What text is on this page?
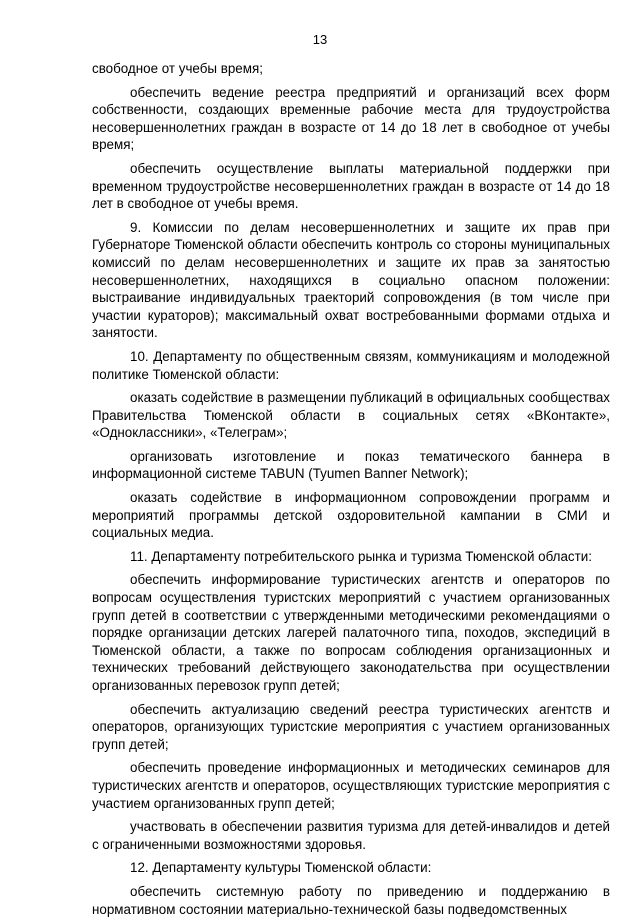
13

свободное от учебы время;

обеспечить ведение реестра предприятий и организаций всех форм собственности, создающих временные рабочие места для трудоустройства несовершеннолетних граждан в возрасте от 14 до 18 лет в свободное от учебы время;

обеспечить осуществление выплаты материальной поддержки при временном трудоустройстве несовершеннолетних граждан в возрасте от 14 до 18 лет в свободное от учебы время.

9. Комиссии по делам несовершеннолетних и защите их прав при Губернаторе Тюменской области обеспечить контроль со стороны муниципальных комиссий по делам несовершеннолетних и защите их прав за занятостью несовершеннолетних, находящихся в социально опасном положении: выстраивание индивидуальных траекторий сопровождения (в том числе при участии кураторов); максимальный охват востребованными формами отдыха и занятости.

10. Департаменту по общественным связям, коммуникациям и молодежной политике Тюменской области:

оказать содействие в размещении публикаций в официальных сообществах Правительства Тюменской области в социальных сетях «ВКонтакте», «Одноклассники», «Телеграм»;

организовать изготовление и показ тематического баннера в информационной системе TABUN (Tyumen Banner Network);

оказать содействие в информационном сопровождении программ и мероприятий программы детской оздоровительной кампании в СМИ и социальных медиа.

11. Департаменту потребительского рынка и туризма Тюменской области:

обеспечить информирование туристических агентств и операторов по вопросам осуществления туристских мероприятий с участием организованных групп детей в соответствии с утвержденными методическими рекомендациями о порядке организации детских лагерей палаточного типа, походов, экспедиций в Тюменской области, а также по вопросам соблюдения организационных и технических требований действующего законодательства при осуществлении организованных перевозок групп детей;

обеспечить актуализацию сведений реестра туристических агентств и операторов, организующих туристские мероприятия с участием организованных групп детей;

обеспечить проведение информационных и методических семинаров для туристических агентств и операторов, осуществляющих туристские мероприятия с участием организованных групп детей;

участвовать в обеспечении развития туризма для детей-инвалидов и детей с ограниченными возможностями здоровья.

12. Департаменту культуры Тюменской области:

обеспечить системную работу по приведению и поддержанию в нормативном состоянии материально-технической базы подведомственных
